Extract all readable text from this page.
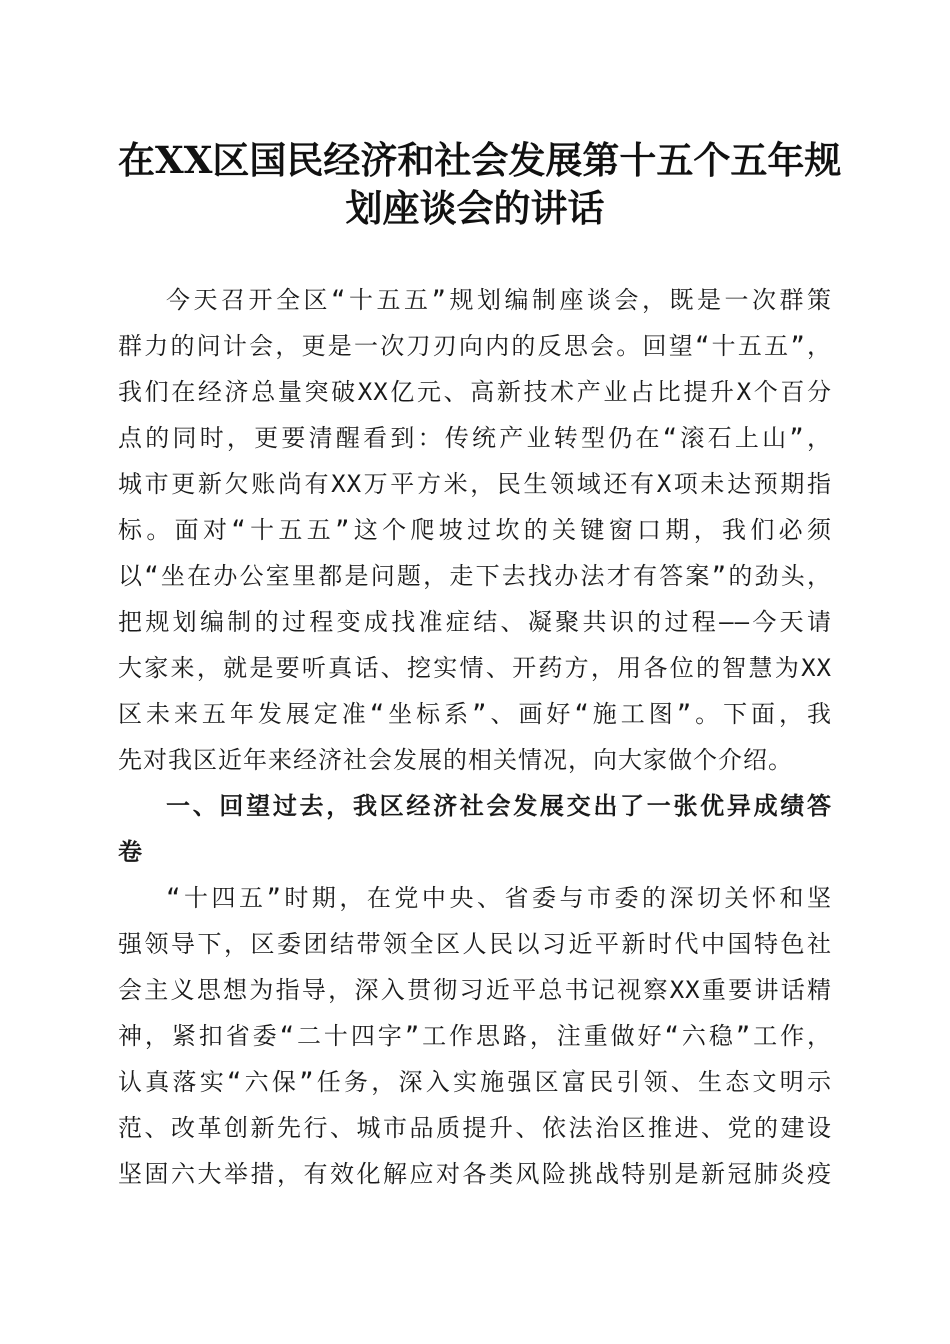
在XX区国民经济和社会发展第十五个五年规
划座谈会的讲话
今天召开全区“十五五”规划编制座谈会，既是一次群策
群力的问计会，更是一次刀刃向内的反思会。回望“十五五”，
我们在经济总量突破XX亿元、高新技术产业占比提升X个百分
点的同时，更要清醒看到：传统产业转型仍在“滚石上山”，
城市更新欠账尚有XX万平方米，民生领域还有X项未达预期指
标。面对“十五五”这个爬坡过坎的关键窗口期，我们必须
以“坐在办公室里都是问题，走下去找办法才有答案”的劲头，
把规划编制的过程变成找准症结、凝聚共识的过程——今天请
大家来，就是要听真话、挖实情、开药方，用各位的智慧为XX
区未来五年发展定准“坐标系”、画好“施工图”。下面，我
先对我区近年来经济社会发展的相关情况，向大家做个介绍。
一、回望过去，我区经济社会发展交出了一张优异成绩答
卷
“十四五”时期，在党中央、省委与市委的深切关怀和坚
强领导下，区委团结带领全区人民以习近平新时代中国特色社
会主义思想为指导，深入贯彻习近平总书记视察XX重要讲话精
神，紧扣省委“二十四字”工作思路，注重做好“六稳”工作，
认真落实“六保”任务，深入实施强区富民引领、生态文明示
范、改革创新先行、城市品质提升、依法治区推进、党的建设
坚固六大举措，有效化解应对各类风险挑战特别是新冠肺炎疫
